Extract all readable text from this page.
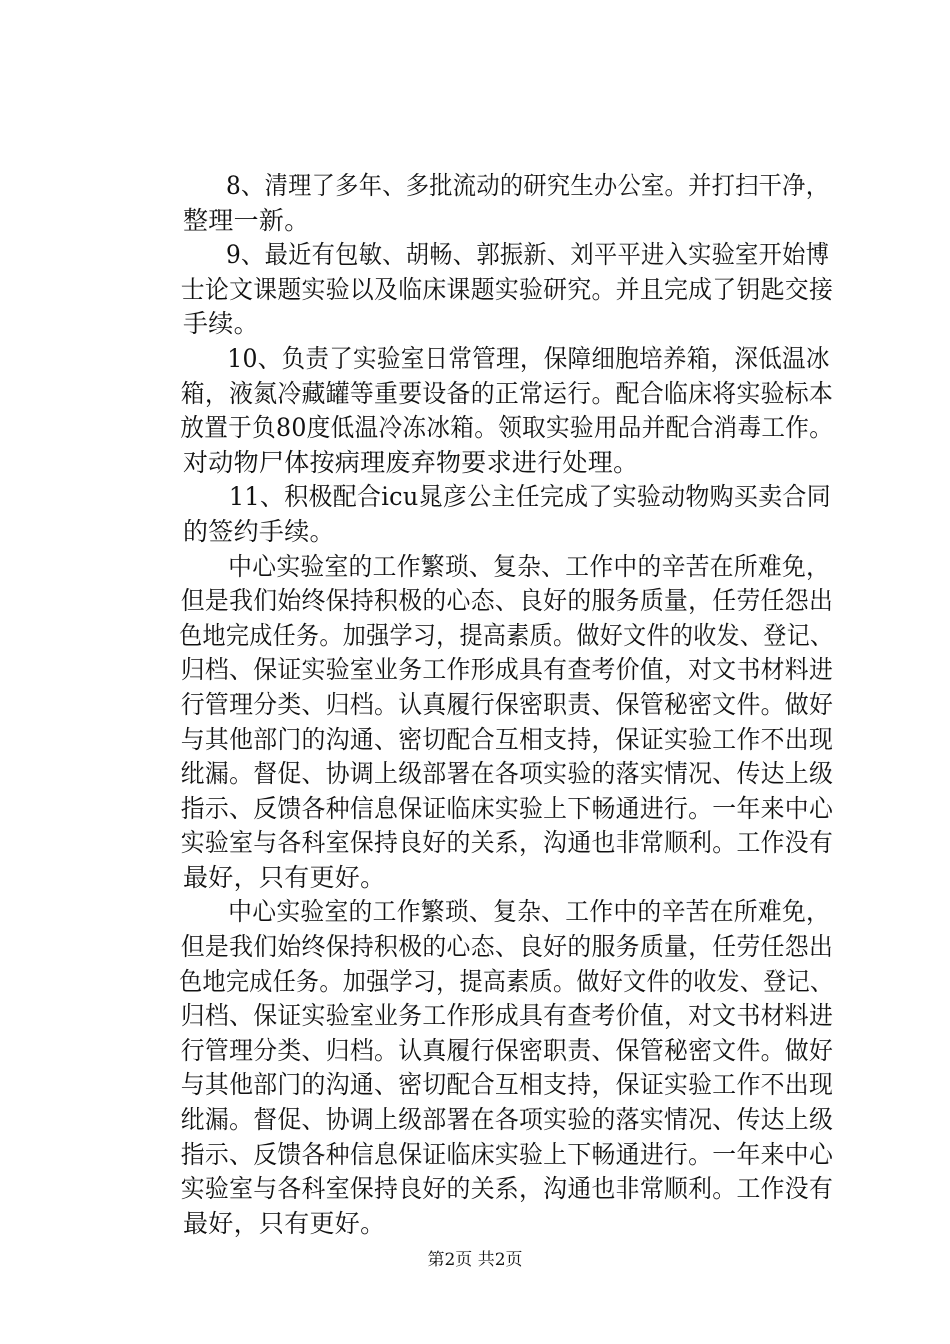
8、清理了多年、多批流动的研究生办公室。并打扫干净，
整理一新。

9、最近有包敏、胡畅、郭振新、刘平平进入实验室开始博
士论文课题实验以及临床课题实验研究。并且完成了钥匙交接
手续。

10、负责了实验室日常管理，保障细胞培养箱，深低温冰
箱，液氮冷藏罐等重要设备的正常运行。配合临床将实验标本
放置于负80度低温冷冻冰箱。领取实验用品并配合消毒工作。
对动物尸体按病理废弃物要求进行处理。

11、积极配合icu晁彦公主任完成了实验动物购买卖合同
的签约手续。

中心实验室的工作繁琐、复杂、工作中的辛苦在所难免，
但是我们始终保持积极的心态、良好的服务质量，任劳任怨出
色地完成任务。加强学习，提高素质。做好文件的收发、登记、
归档、保证实验室业务工作形成具有查考价值，对文书材料进
行管理分类、归档。认真履行保密职责、保管秘密文件。做好
与其他部门的沟通、密切配合互相支持，保证实验工作不出现
纰漏。督促、协调上级部署在各项实验的落实情况、传达上级
指示、反馈各种信息保证临床实验上下畅通进行。一年来中心
实验室与各科室保持良好的关系，沟通也非常顺利。工作没有
最好，只有更好。

中心实验室的工作繁琐、复杂、工作中的辛苦在所难免，
但是我们始终保持积极的心态、良好的服务质量，任劳任怨出
色地完成任务。加强学习，提高素质。做好文件的收发、登记、
归档、保证实验室业务工作形成具有查考价值，对文书材料进
行管理分类、归档。认真履行保密职责、保管秘密文件。做好
与其他部门的沟通、密切配合互相支持，保证实验工作不出现
纰漏。督促、协调上级部署在各项实验的落实情况、传达上级
指示、反馈各种信息保证临床实验上下畅通进行。一年来中心
实验室与各科室保持良好的关系，沟通也非常顺利。工作没有
最好，只有更好。

第2页 共2页
